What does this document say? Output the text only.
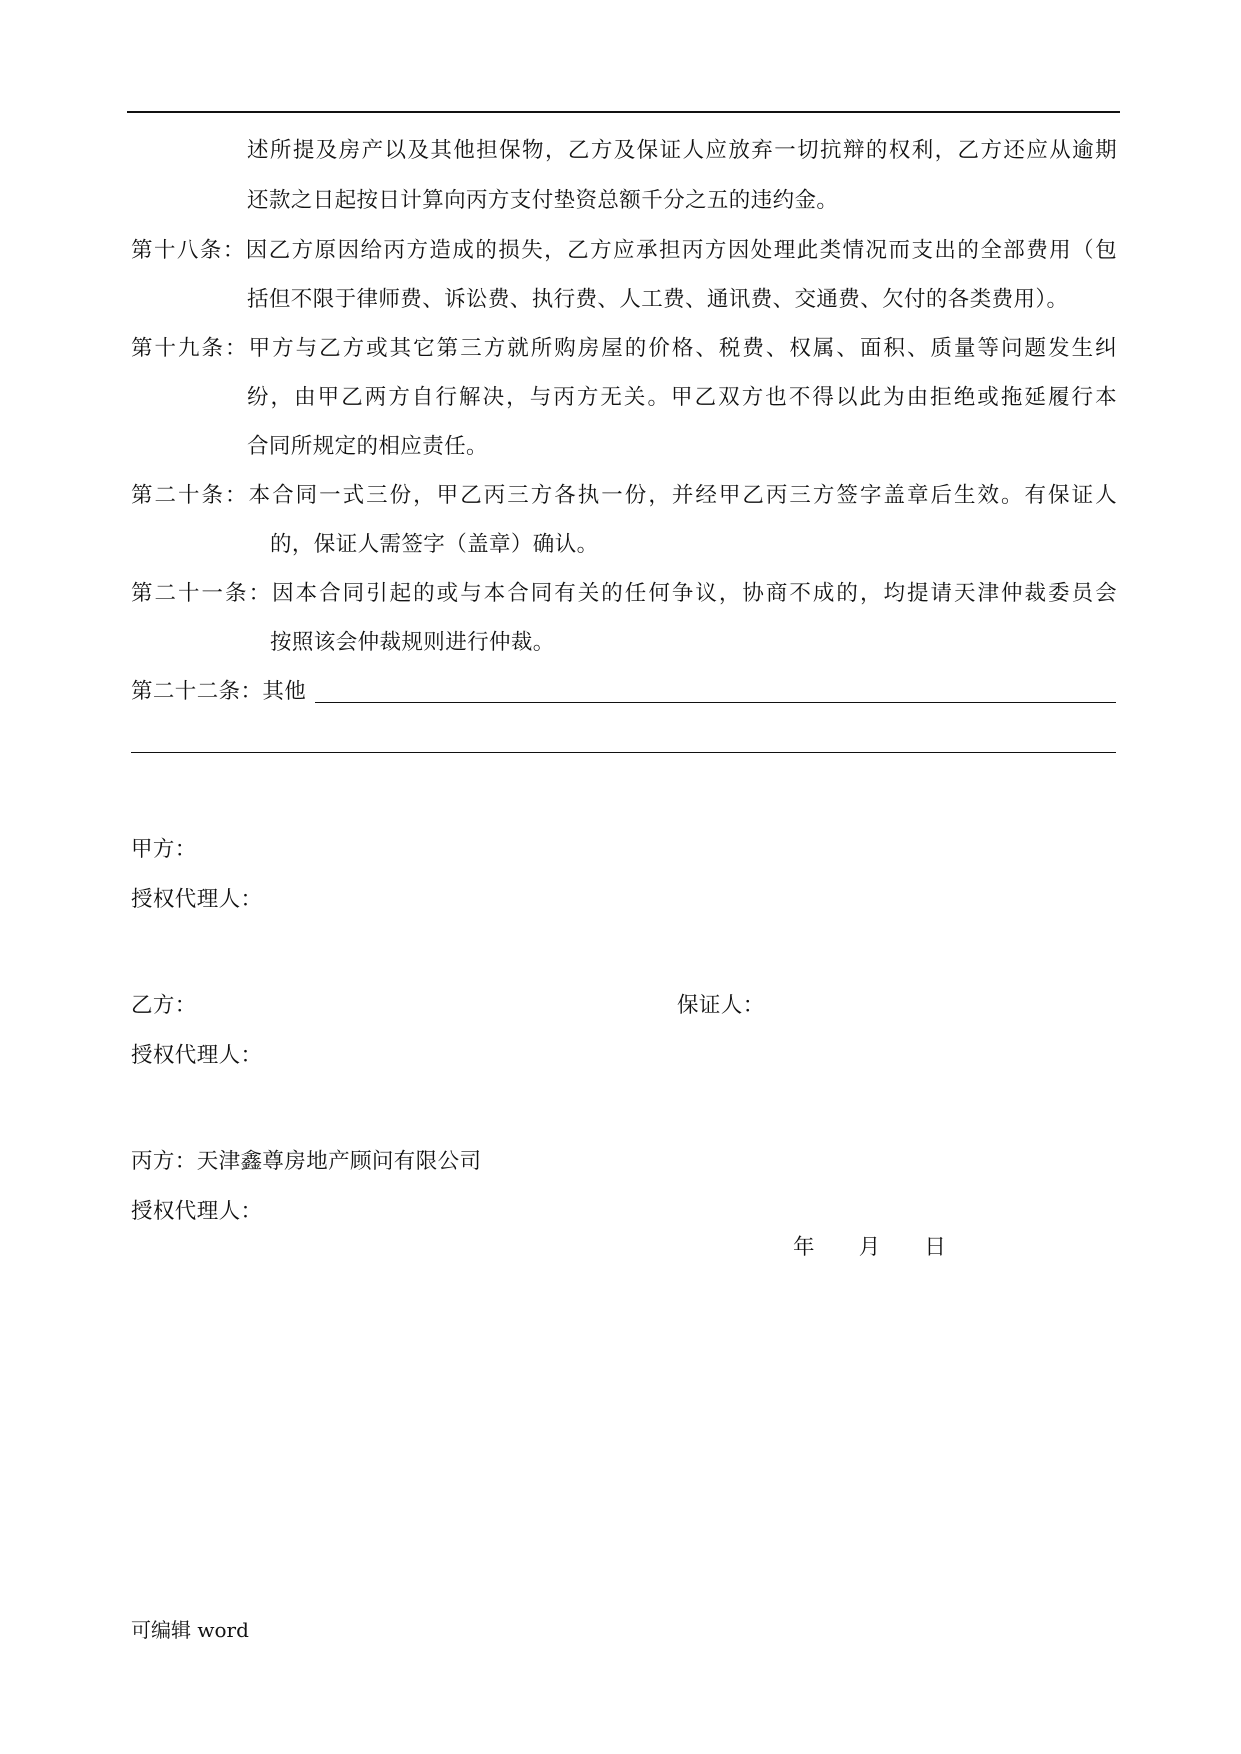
述所提及房产以及其他担保物，乙方及保证人应放弃一切抗辩的权利，乙方还应从逾期
还款之日起按日计算向丙方支付垫资总额千分之五的违约金。
第十八条：因乙方原因给丙方造成的损失，乙方应承担丙方因处理此类情况而支出的全部费用（包
括但不限于律师费、诉讼费、执行费、人工费、通讯费、交通费、欠付的各类费用）。
第十九条：甲方与乙方或其它第三方就所购房屋的价格、税费、权属、面积、质量等问题发生纠
纷，由甲乙两方自行解决，与丙方无关。甲乙双方也不得以此为由拒绝或拖延履行本
合同所规定的相应责任。
第二十条：本合同一式三份，甲乙丙三方各执一份，并经甲乙丙三方签字盖章后生效。有保证人
的，保证人需签字（盖章）确认。
第二十一条：因本合同引起的或与本合同有关的任何争议，协商不成的，均提请天津仲裁委员会
按照该会仲裁规则进行仲裁。
第二十二条：其他
甲方：
授权代理人：
乙方：	保证人：
授权代理人：
丙方：天津鑫尊房地产顾问有限公司
授权代理人：
年　　月　　日
可编辑 word
